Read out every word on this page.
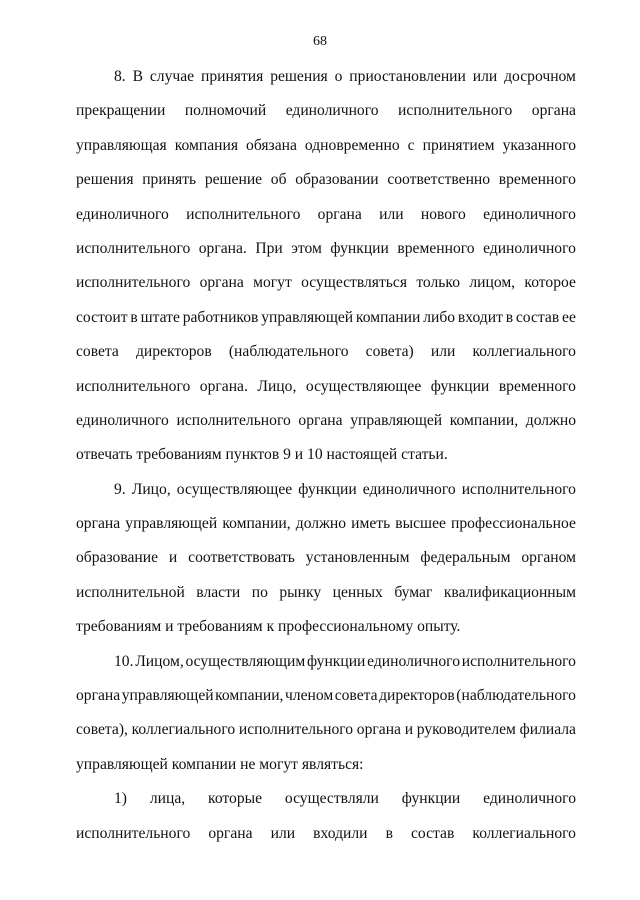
68
8. В случае принятия решения о приостановлении или досрочном
прекращении полномочий единоличного исполнительного органа
управляющая компания обязана одновременно с принятием указанного
решения принять решение об образовании соответственно временного
единоличного исполнительного органа или нового единоличного
исполнительного органа. При этом функции временного единоличного
исполнительного органа могут осуществляться только лицом, которое
состоит в штате работников управляющей компании либо входит в состав ее
совета директоров (наблюдательного совета) или коллегиального
исполнительного органа. Лицо, осуществляющее функции временного
единоличного исполнительного органа управляющей компании, должно
отвечать требованиям пунктов 9 и 10 настоящей статьи.
9. Лицо, осуществляющее функции единоличного исполнительного
органа управляющей компании, должно иметь высшее профессиональное
образование и соответствовать установленным федеральным органом
исполнительной власти по рынку ценных бумаг квалификационным
требованиям и требованиям к профессиональному опыту.
10. Лицом, осуществляющим функции единоличного исполнительного
органа управляющей компании, членом совета директоров (наблюдательного
совета), коллегиального исполнительного органа и руководителем филиала
управляющей компании не могут являться:
1) лица, которые осуществляли функции единоличного
исполнительного органа или входили в состав коллегиального
